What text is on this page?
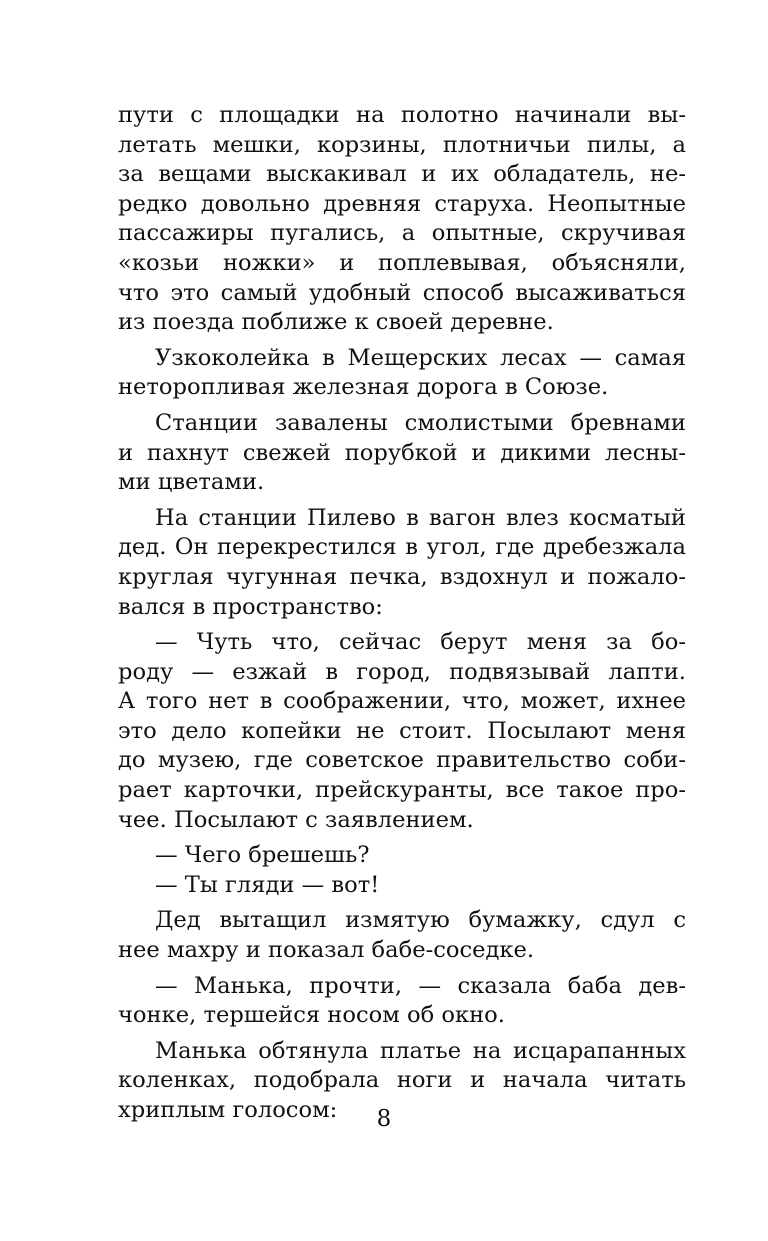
пути с площадки на полотно начинали вы-
летать мешки, корзины, плотничьи пилы, а
за вещами выскакивал и их обладатель, не-
редко довольно древняя старуха. Неопытные
пассажиры пугались, а опытные, скручивая
«козьи ножки» и поплевывая, объясняли,
что это самый удобный способ высаживаться
из поезда поближе к своей деревне.
Узкоколейка в Мещерских лесах — самая
неторопливая железная дорога в Союзе.
Станции завалены смолистыми бревнами
и пахнут свежей порубкой и дикими лесны-
ми цветами.
На станции Пилево в вагон влез косматый
дед. Он перекрестился в угол, где дребезжала
круглая чугунная печка, вздохнул и пожало-
вался в пространство:
— Чуть что, сейчас берут меня за бо-
роду — езжай в город, подвязывай лапти.
А того нет в соображении, что, может, ихнее
это дело копейки не стоит. Посылают меня
до музею, где советское правительство соби-
рает карточки, прейскуранты, все такое про-
чее. Посылают с заявлением.
— Чего брешешь?
— Ты гляди — вот!
Дед вытащил измятую бумажку, сдул с
нее махру и показал бабе-соседке.
— Манька, прочти, — сказала баба дев-
чонке, тершейся носом об окно.
Манька обтянула платье на исцарапанных
коленках, подобрала ноги и начала читать
хриплым голосом:	8
